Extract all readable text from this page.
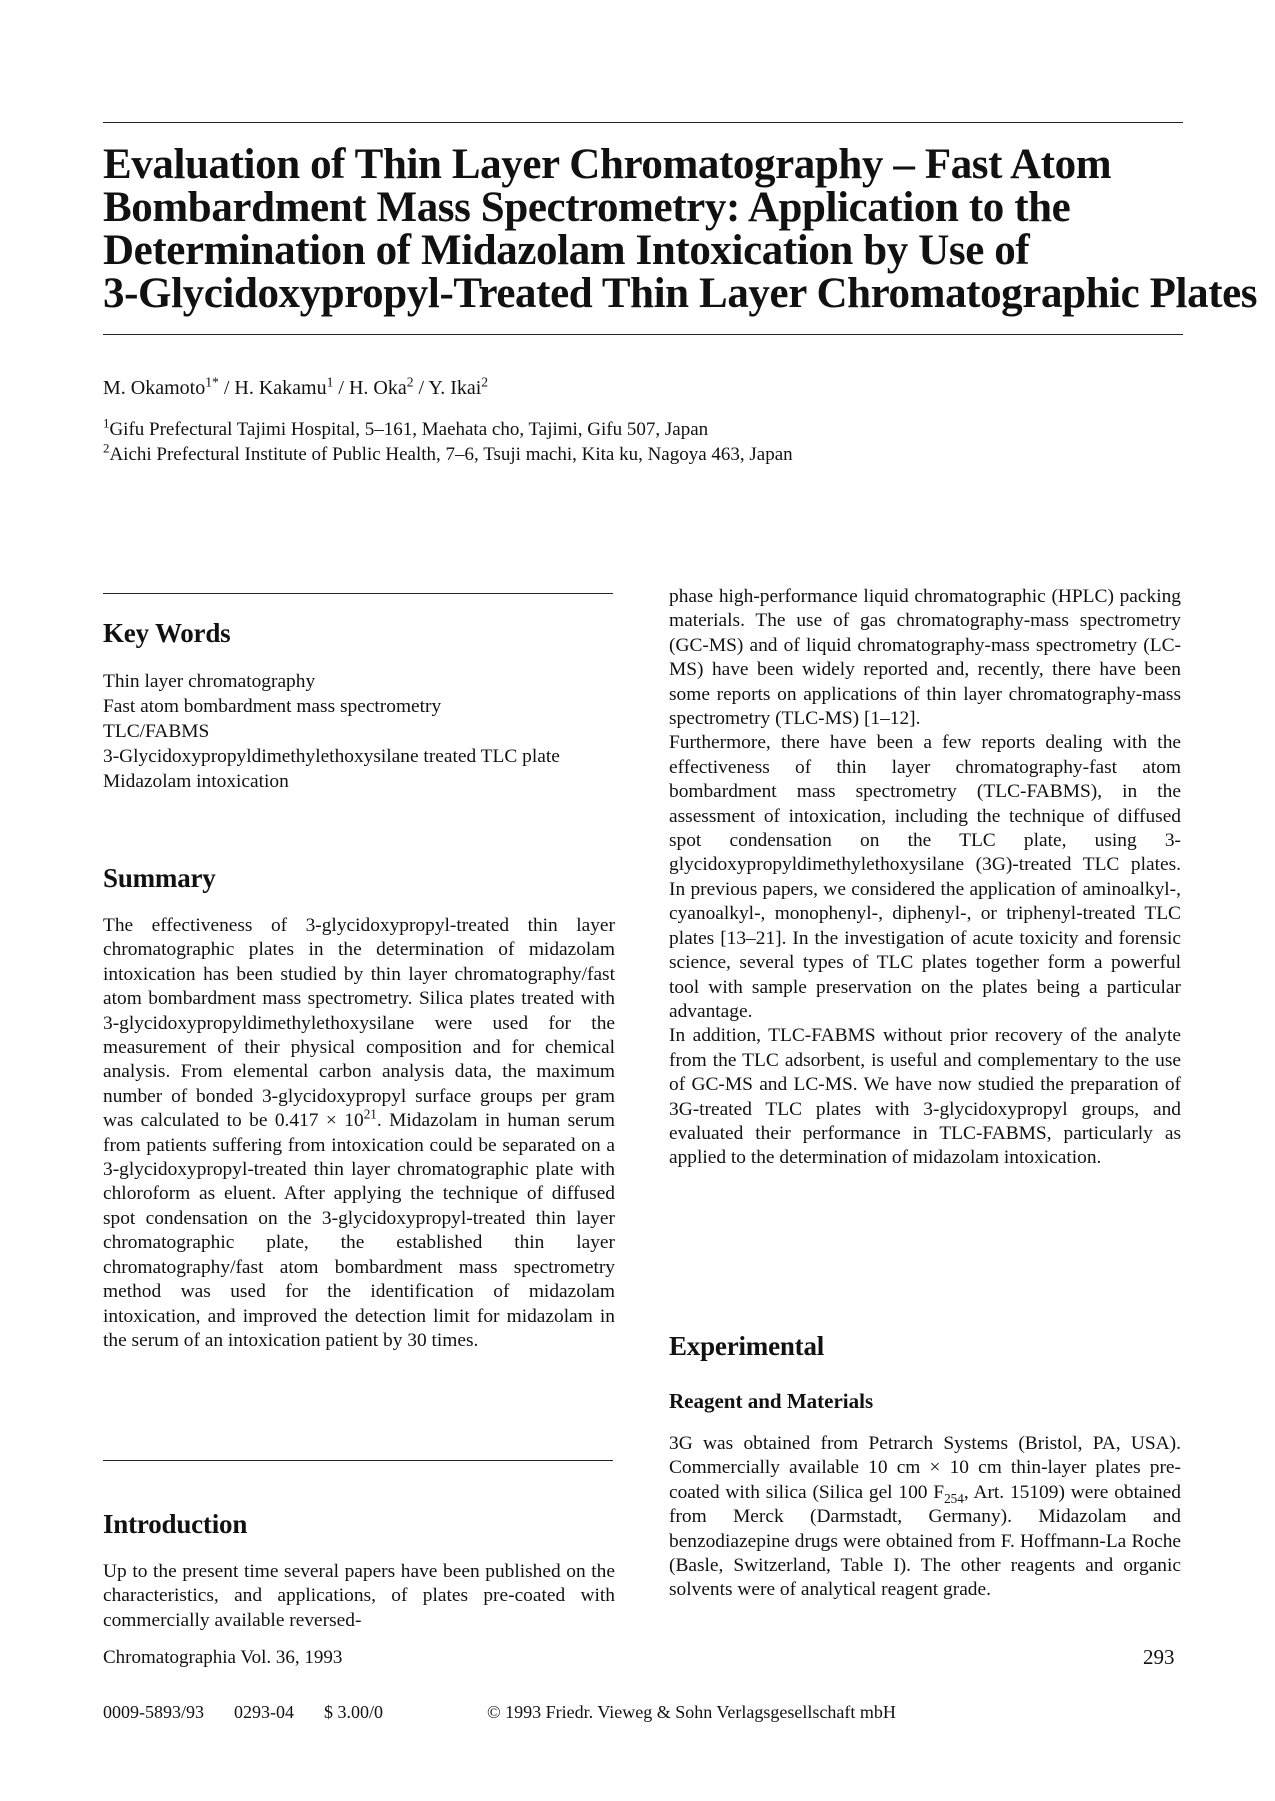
Evaluation of Thin Layer Chromatography – Fast Atom
Bombardment Mass Spectrometry: Application to the
Determination of Midazolam Intoxication by Use of
3-Glycidoxypropyl-Treated Thin Layer Chromatographic Plates
M. Okamoto$^{1*}$ / H. Kakamu$^1$ / H. Oka$^2$ / Y. Ikai$^2$
$^1$Gifu Prefectural Tajimi Hospital, 5–161, Maehata cho, Tajimi, Gifu 507, Japan
$^2$Aichi Prefectural Institute of Public Health, 7–6, Tsuji machi, Kita ku, Nagoya 463, Japan
Key Words
Thin layer chromatography
Fast atom bombardment mass spectrometry
TLC/FABMS
3-Glycidoxypropyldimethylethoxysilane treated TLC plate
Midazolam intoxication
Summary

The effectiveness of 3-glycidoxypropyl-treated thin layer chromatographic plates in the determination of midazolam intoxication has been studied by thin layer chromatography/fast atom bombardment mass spectrometry. Silica plates treated with 3-glycidoxypropyldimethylethoxysilane were used for the measurement of their physical composition and for chemical analysis. From elemental carbon analysis data, the maximum number of bonded 3-glycidoxypropyl surface groups per gram was calculated to be $0.417 \times 10^{21}$. Midazolam in human serum from patients suffering from intoxication could be separated on a 3-glycidoxypropyl-treated thin layer chromatographic plate with chloroform as eluent. After applying the technique of diffused spot condensation on the 3-glycidoxypropyl-treated thin layer chromatographic plate, the established thin layer chromatography/fast atom bombardment mass spectrometry method was used for the identification of midazolam intoxication, and improved the detection limit for midazolam in the serum of an intoxication patient by 30 times.

Introduction

Up to the present time several papers have been published on the characteristics, and applications, of plates pre-coated with commercially available reversed-

phase high-performance liquid chromatographic (HPLC) packing materials. The use of gas chromatography-mass spectrometry (GC-MS) and of liquid chromatography-mass spectrometry (LC-MS) have been widely reported and, recently, there have been some reports on applications of thin layer chromatography-mass spectrometry (TLC-MS) [1–12].

Furthermore, there have been a few reports dealing with the effectiveness of thin layer chromatography-fast atom bombardment mass spectrometry (TLC-FABMS), in the assessment of intoxication, including the technique of diffused spot condensation on the TLC plate, using 3-glycidoxypropyldimethylethoxysilane (3G)-treated TLC plates. In previous papers, we considered the application of aminoalkyl-, cyanoalkyl-, monophenyl-, diphenyl-, or triphenyl-treated TLC plates [13–21]. In the investigation of acute toxicity and forensic science, several types of TLC plates together form a powerful tool with sample preservation on the plates being a particular advantage.

In addition, TLC-FABMS without prior recovery of the analyte from the TLC adsorbent, is useful and complementary to the use of GC-MS and LC-MS. We have now studied the preparation of 3G-treated TLC plates with 3-glycidoxypropyl groups, and evaluated their performance in TLC-FABMS, particularly as applied to the determination of midazolam intoxication.

Experimental
Reagent and Materials

3G was obtained from Petrarch Systems (Bristol, PA, USA). Commercially available 10 cm × 10 cm thin-layer plates pre-coated with silica (Silica gel 100 $F_{254}$, Art. 15109) were obtained from Merck (Darmstadt, Germany). Midazolam and benzodiazepine drugs were obtained from F. Hoffmann-La Roche (Basle, Switzerland, Table I). The other reagents and organic solvents were of analytical reagent grade.

Chromatographia Vol. 36, 1993	293
0009-5893/93 0293-04 $ 3.00/0	© 1993 Friedr. Vieweg & Sohn Verlagsgesellschaft mbH
